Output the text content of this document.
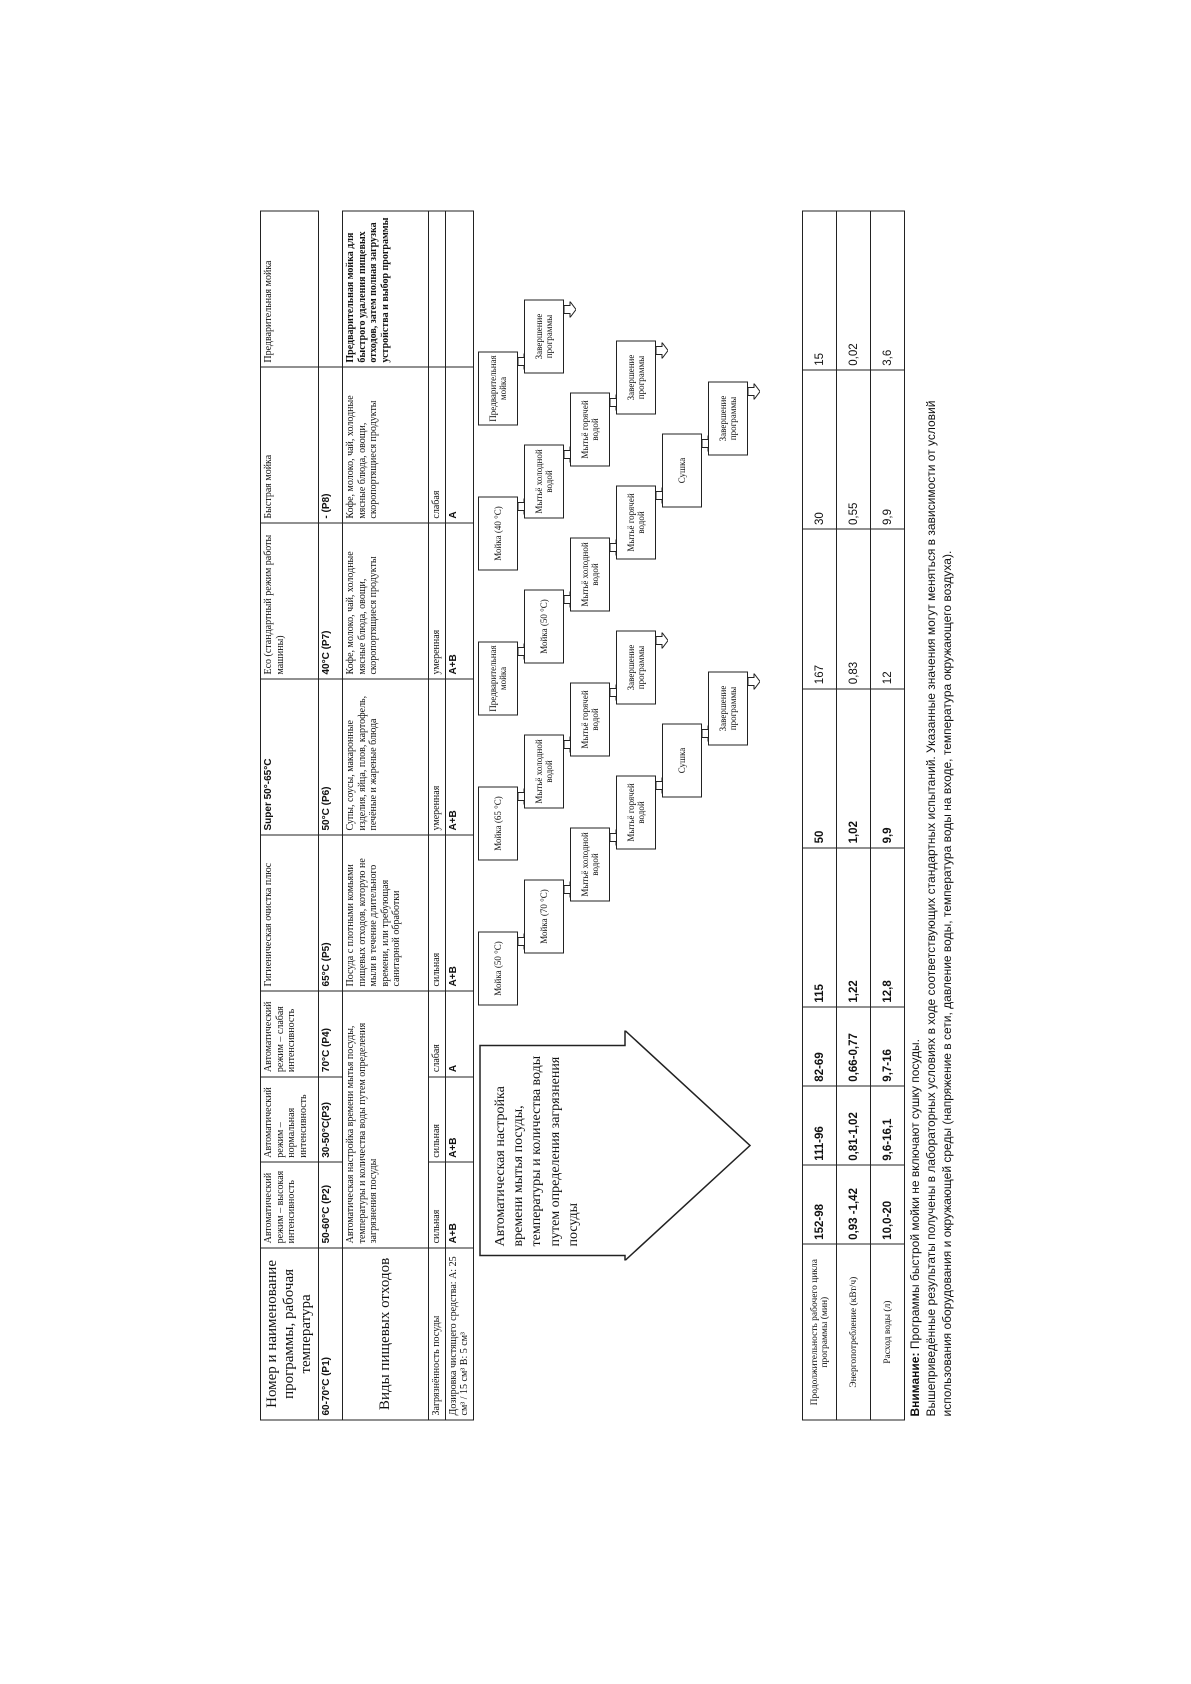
Номер и наименование программы, рабочая температура	Автоматический режим – высокая интенсивность	Автоматический режим – нормальная интенсивность	Автоматический режим – слабая интенсивность	Гигиеническая очистка плюс	Super 50°-65°C	Eco (стандартный режим работы машины)	Быстрая мойка	Предварительная мойка
60-70°C (P1)	50-60°C (P2)	30-50°C(P3)	70°C (P4)	65°C (P5)	50°C (P6)	40°C (P7)	- (P8)	
Виды пищевых отходов	Автоматическая настройка времени мытья посуды, температуры и количества воды путем определения загрязнения посуды			Посуда с плотными комьями пищевых отходов, которую не мыли в течение длительного времени, или требующая санитарной обработки	Супы, соусы, макаронные изделия, яйца, плов, картофель, печёные и жареные блюда	Кофе, молоко, чай, холодные мясные блюда, овощи, скоропортящиеся продукты	Кофе, молоко, чай, холодные мясные блюда, овощи, скоропортящиеся продукты	Предварительная мойка для быстрого удаления пищевых отходов, затем полная загрузка устройства и выбор программы
Загрязнённость посуды	сильная	сильная	слабая	сильная	умеренная	умеренная	слабая	
Дозировка чистящего средства: A: 25 см³ / 15 см³ B: 5 см³	A+B	A+B	A	A+B	A+B	A+B	A	
Автоматическая настройка времени мытья посуды, температуры и количества воды путем определения загрязнения посуды
Мойка (50 °C)
Мойка (70 °C)
Мытьё холодной водой
Мытьё горячей водой
Сушка
Завершение программы
Мойка (65 °C)
Мытьё холодной водой
Мытьё горячей водой
Завершение программы
Предварительная мойка
Мойка (50 °C)
Мытьё холодной водой
Мытьё горячей водой
Сушка
Завершение программы
Мойка (40 °C)
Мытьё холодной водой
Мытьё горячей водой
Завершение программы
Предварительная мойка
Завершение программы
Продолжительность рабочего цикла программы (мин)	152-98	111-96	82-69	115	50	167	30	15
Энергопотребление (кВт/ч)	0,93 -1,42	0,81-1,02	0,66-0,77	1,22	1,02	0,83	0,55	0,02
Расход воды (л)	10,0-20	9,6-16,1	9,7-16	12,8	9,9	12	9,9	3,6
Внимание: Программы быстрой мойки не включают сушку посуды. Вышеприведённые результаты получены в лабораторных условиях в ходе соответствующих стандартных испытаний. Указанные значения могут меняться в зависимости от условий использования оборудования и окружающей среды (напряжение в сети, давление воды, температура воды на входе, температура окружающего воздуха).
